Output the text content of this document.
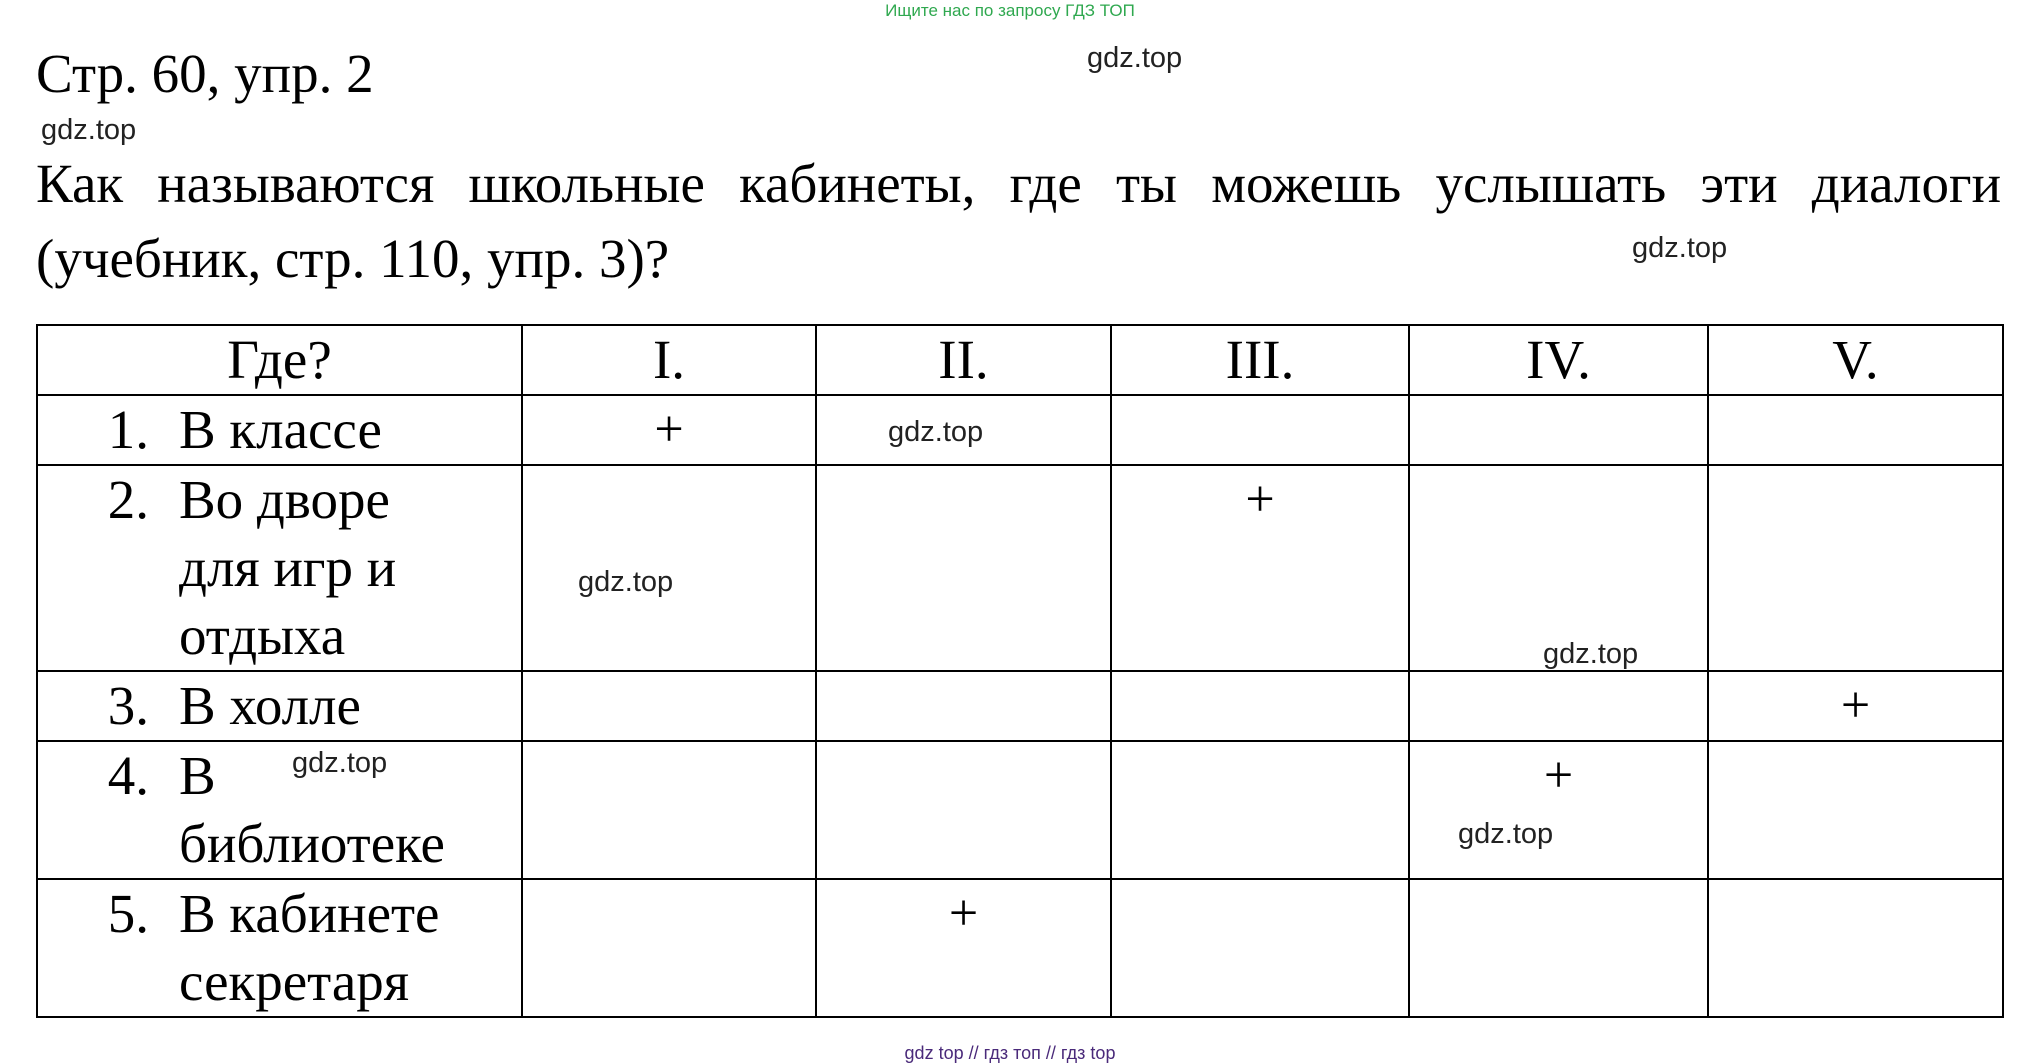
Ищите нас по запросу ГДЗ ТОП
Стр. 60, упр. 2
Как называются школьные кабинеты, где ты можешь услышать эти диалоги (учебник, стр. 110, упр. 3)?
Где?	I.	II.	III.	IV.	V.

1. В классе	+				

2. Во дворе
для игр и
отдыха			+		

3. В холле					+

4. В
библиотеке				+	

5. В кабинете
секретаря		+			
gdz.top
gdz.top
gdz.top
gdz.top
gdz.top
gdz.top
gdz.top
gdz.top
gdz top // гдз топ // гдз top
